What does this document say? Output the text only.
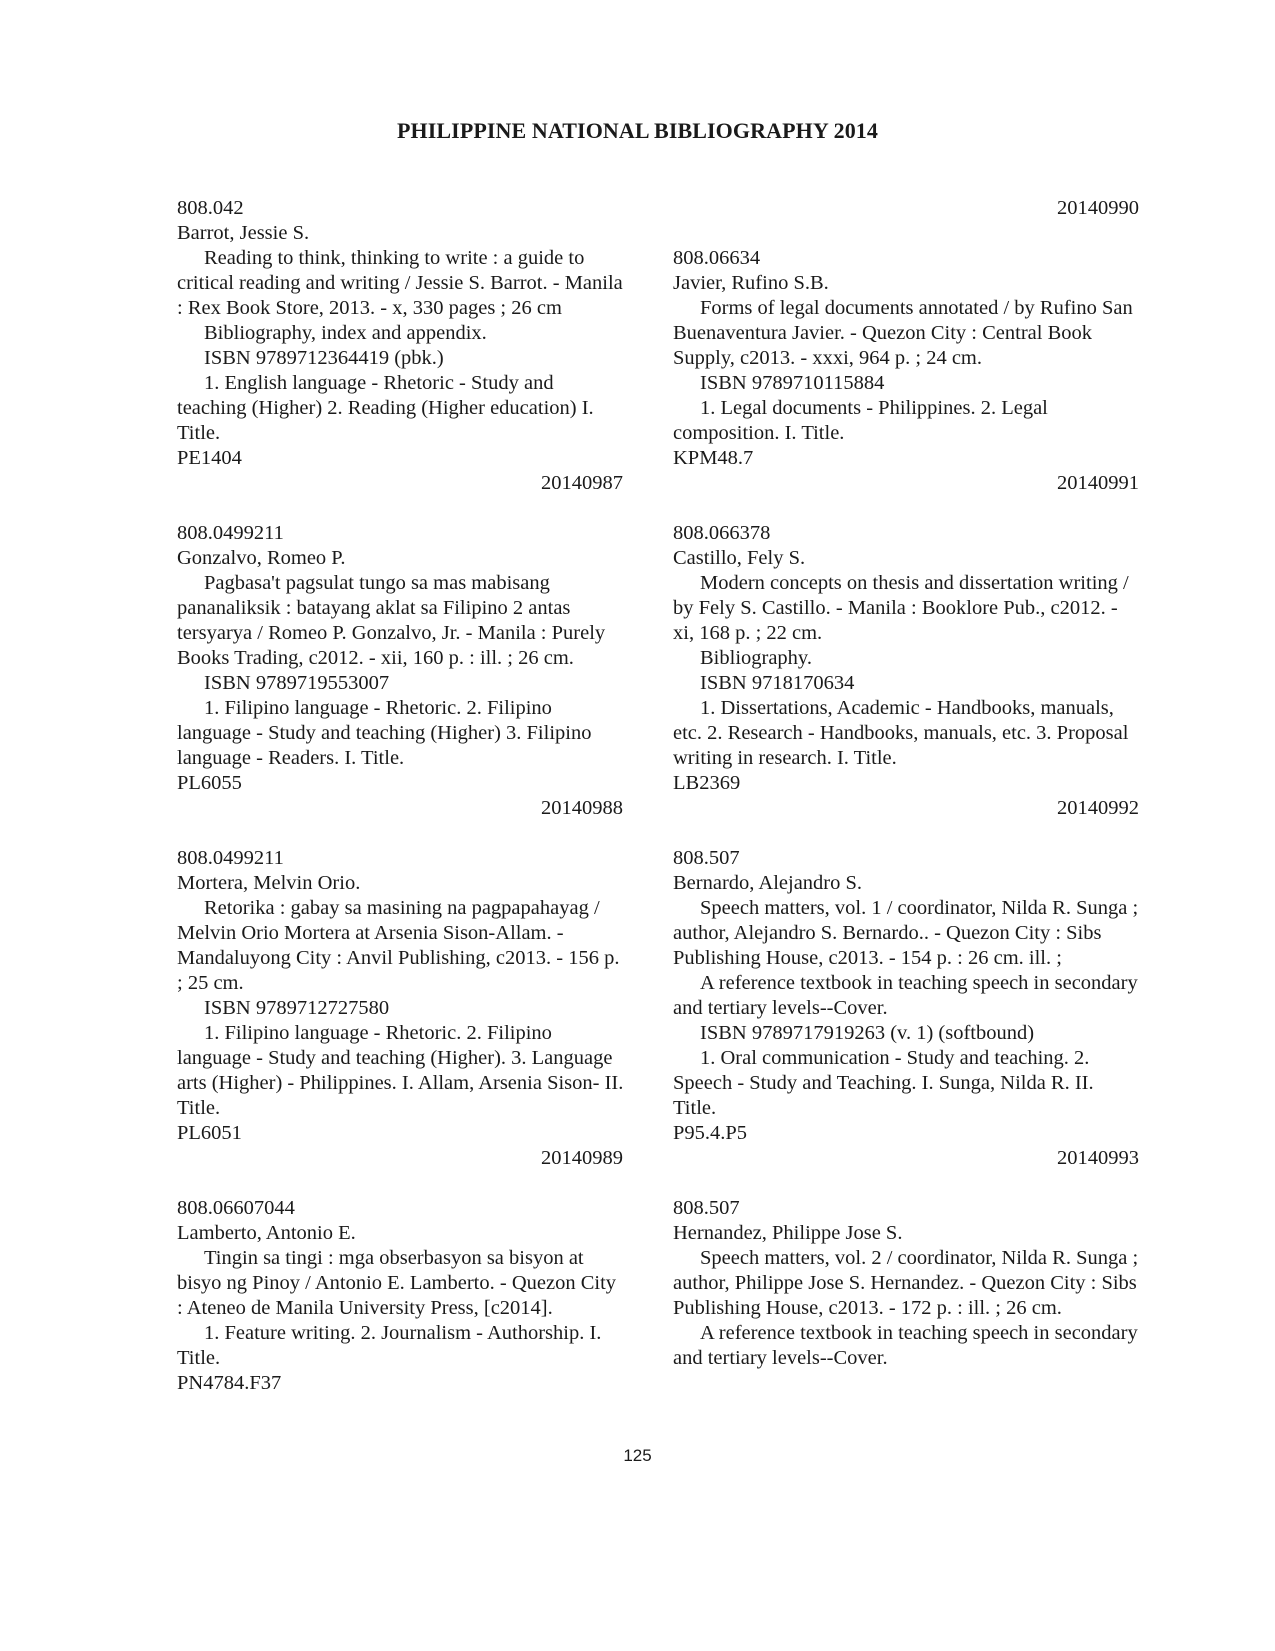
PHILIPPINE NATIONAL BIBLIOGRAPHY 2014
808.042
Barrot, Jessie S.
Reading to think, thinking to write : a guide to critical reading and writing / Jessie S. Barrot. - Manila : Rex Book Store, 2013. - x, 330 pages ; 26 cm
Bibliography, index and appendix.
ISBN 9789712364419 (pbk.)
1. English language - Rhetoric - Study and teaching (Higher) 2. Reading (Higher education) I. Title.
PE1404
20140987
808.0499211
Gonzalvo, Romeo P.
Pagbasa't pagsulat tungo sa mas mabisang pananaliksik : batayang aklat sa Filipino 2 antas tersyarya / Romeo P. Gonzalvo, Jr. - Manila : Purely Books Trading, c2012. - xii, 160 p. : ill. ; 26 cm.
ISBN 9789719553007
1. Filipino language - Rhetoric. 2. Filipino language - Study and teaching (Higher) 3. Filipino language - Readers. I. Title.
PL6055
20140988
808.0499211
Mortera, Melvin Orio.
Retorika : gabay sa masining na pagpapahayag / Melvin Orio Mortera at Arsenia Sison-Allam. - Mandaluyong City : Anvil Publishing, c2013. - 156 p. ; 25 cm.
ISBN 9789712727580
1. Filipino language - Rhetoric. 2. Filipino language - Study and teaching (Higher). 3. Language arts (Higher) - Philippines. I. Allam, Arsenia Sison- II. Title.
PL6051
20140989
808.06607044
Lamberto, Antonio E.
Tingin sa tingi : mga obserbasyon sa bisyon at bisyo ng Pinoy / Antonio E. Lamberto. - Quezon City : Ateneo de Manila University Press, [c2014].
1. Feature writing. 2. Journalism - Authorship. I. Title.
PN4784.F37
20140990
808.06634
Javier, Rufino S.B.
Forms of legal documents annotated / by Rufino San Buenaventura Javier. - Quezon City : Central Book Supply, c2013. - xxxi, 964 p. ; 24 cm.
ISBN 9789710115884
1. Legal documents - Philippines. 2. Legal composition. I. Title.
KPM48.7
20140991
808.066378
Castillo, Fely S.
Modern concepts on thesis and dissertation writing / by Fely S. Castillo. - Manila : Booklore Pub., c2012. - xi, 168 p. ; 22 cm.
Bibliography.
ISBN 9718170634
1. Dissertations, Academic - Handbooks, manuals, etc. 2. Research - Handbooks, manuals, etc. 3. Proposal writing in research. I. Title.
LB2369
20140992
808.507
Bernardo, Alejandro S.
Speech matters, vol. 1 / coordinator, Nilda R. Sunga ; author, Alejandro S. Bernardo.. - Quezon City : Sibs Publishing House, c2013. - 154 p. : 26 cm. ill. ;
A reference textbook in teaching speech in secondary and tertiary levels--Cover.
ISBN 9789717919263 (v. 1) (softbound)
1. Oral communication - Study and teaching. 2. Speech - Study and Teaching. I. Sunga, Nilda R. II. Title.
P95.4.P5
20140993
808.507
Hernandez, Philippe Jose S.
Speech matters, vol. 2 / coordinator, Nilda R. Sunga ; author, Philippe Jose S. Hernandez. - Quezon City : Sibs Publishing House, c2013. - 172 p. : ill. ; 26 cm.
A reference textbook in teaching speech in secondary and tertiary levels--Cover.
125
